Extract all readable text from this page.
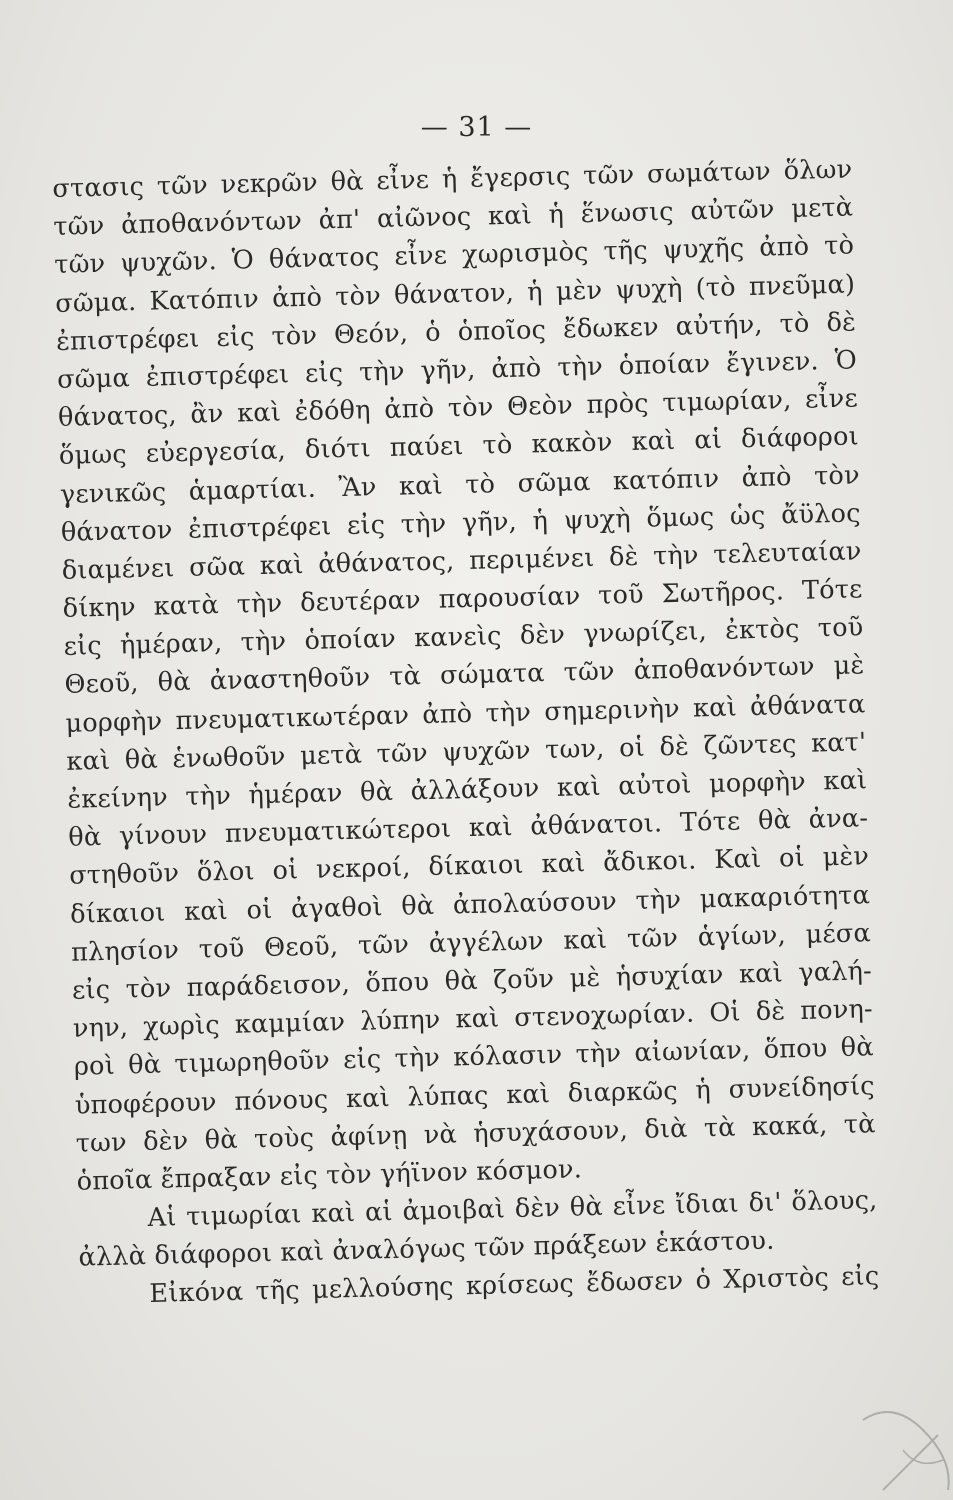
— 31 —
στασις τῶν νεκρῶν θὰ εἶνε ἡ ἔγερσις τῶν σωμάτων ὅλων
τῶν ἀποθανόντων ἀπ' αἰῶνος καὶ ἡ ἕνωσις αὐτῶν μετὰ
τῶν ψυχῶν. Ὁ θάνατος εἶνε χωρισμὸς τῆς ψυχῆς ἀπὸ τὸ
σῶμα. Κατόπιν ἀπὸ τὸν θάνατον, ἡ μὲν ψυχὴ (τὸ πνεῦμα)
ἐπιστρέφει εἰς τὸν Θεόν, ὁ ὁποῖος ἔδωκεν αὐτήν, τὸ δὲ
σῶμα ἐπιστρέφει εἰς τὴν γῆν, ἀπὸ τὴν ὁποίαν ἔγινεν. Ὁ
θάνατος, ἂν καὶ ἐδόθη ἀπὸ τὸν Θεὸν πρὸς τιμωρίαν, εἶνε
ὅμως εὐεργεσία, διότι παύει τὸ κακὸν καὶ αἱ διάφοροι
γενικῶς ἁμαρτίαι. Ἂν καὶ τὸ σῶμα κατόπιν ἀπὸ τὸν
θάνατον ἐπιστρέφει εἰς τὴν γῆν, ἡ ψυχὴ ὅμως ὡς ἄϋλος
διαμένει σῶα καὶ ἀθάνατος, περιμένει δὲ τὴν τελευταίαν
δίκην κατὰ τὴν δευτέραν παρουσίαν τοῦ Σωτῆρος. Τότε
εἰς ἡμέραν, τὴν ὁποίαν κανεὶς δὲν γνωρίζει, ἐκτὸς τοῦ
Θεοῦ, θὰ ἀναστηθοῦν τὰ σώματα τῶν ἀποθανόντων μὲ
μορφὴν πνευματικωτέραν ἀπὸ τὴν σημερινὴν καὶ ἀθάνατα
καὶ θὰ ἑνωθοῦν μετὰ τῶν ψυχῶν των, οἱ δὲ ζῶντες κατ'
ἐκείνην τὴν ἡμέραν θὰ ἀλλάξουν καὶ αὐτοὶ μορφὴν καὶ
θὰ γίνουν πνευματικώτεροι καὶ ἀθάνατοι. Τότε θὰ ἀνα-
στηθοῦν ὅλοι οἱ νεκροί, δίκαιοι καὶ ἄδικοι. Καὶ οἱ μὲν
δίκαιοι καὶ οἱ ἀγαθοὶ θὰ ἀπολαύσουν τὴν μακαριότητα
πλησίον τοῦ Θεοῦ, τῶν ἀγγέλων καὶ τῶν ἁγίων, μέσα
εἰς τὸν παράδεισον, ὅπου θὰ ζοῦν μὲ ἡσυχίαν καὶ γαλή-
νην, χωρὶς καμμίαν λύπην καὶ στενοχωρίαν. Οἱ δὲ πονη-
ροὶ θὰ τιμωρηθοῦν εἰς τὴν κόλασιν τὴν αἰωνίαν, ὅπου θὰ
ὑποφέρουν πόνους καὶ λύπας καὶ διαρκῶς ἡ συνείδησίς
των δὲν θὰ τοὺς ἀφίνῃ νὰ ἡσυχάσουν, διὰ τὰ κακά, τὰ
ὁποῖα ἔπραξαν εἰς τὸν γήϊνον κόσμον.
Αἱ τιμωρίαι καὶ αἱ ἀμοιβαὶ δὲν θὰ εἶνε ἴδιαι δι' ὅλους,
ἀλλὰ διάφοροι καὶ ἀναλόγως τῶν πράξεων ἑκάστου.
Εἰκόνα τῆς μελλούσης κρίσεως ἔδωσεν ὁ Χριστὸς εἰς
